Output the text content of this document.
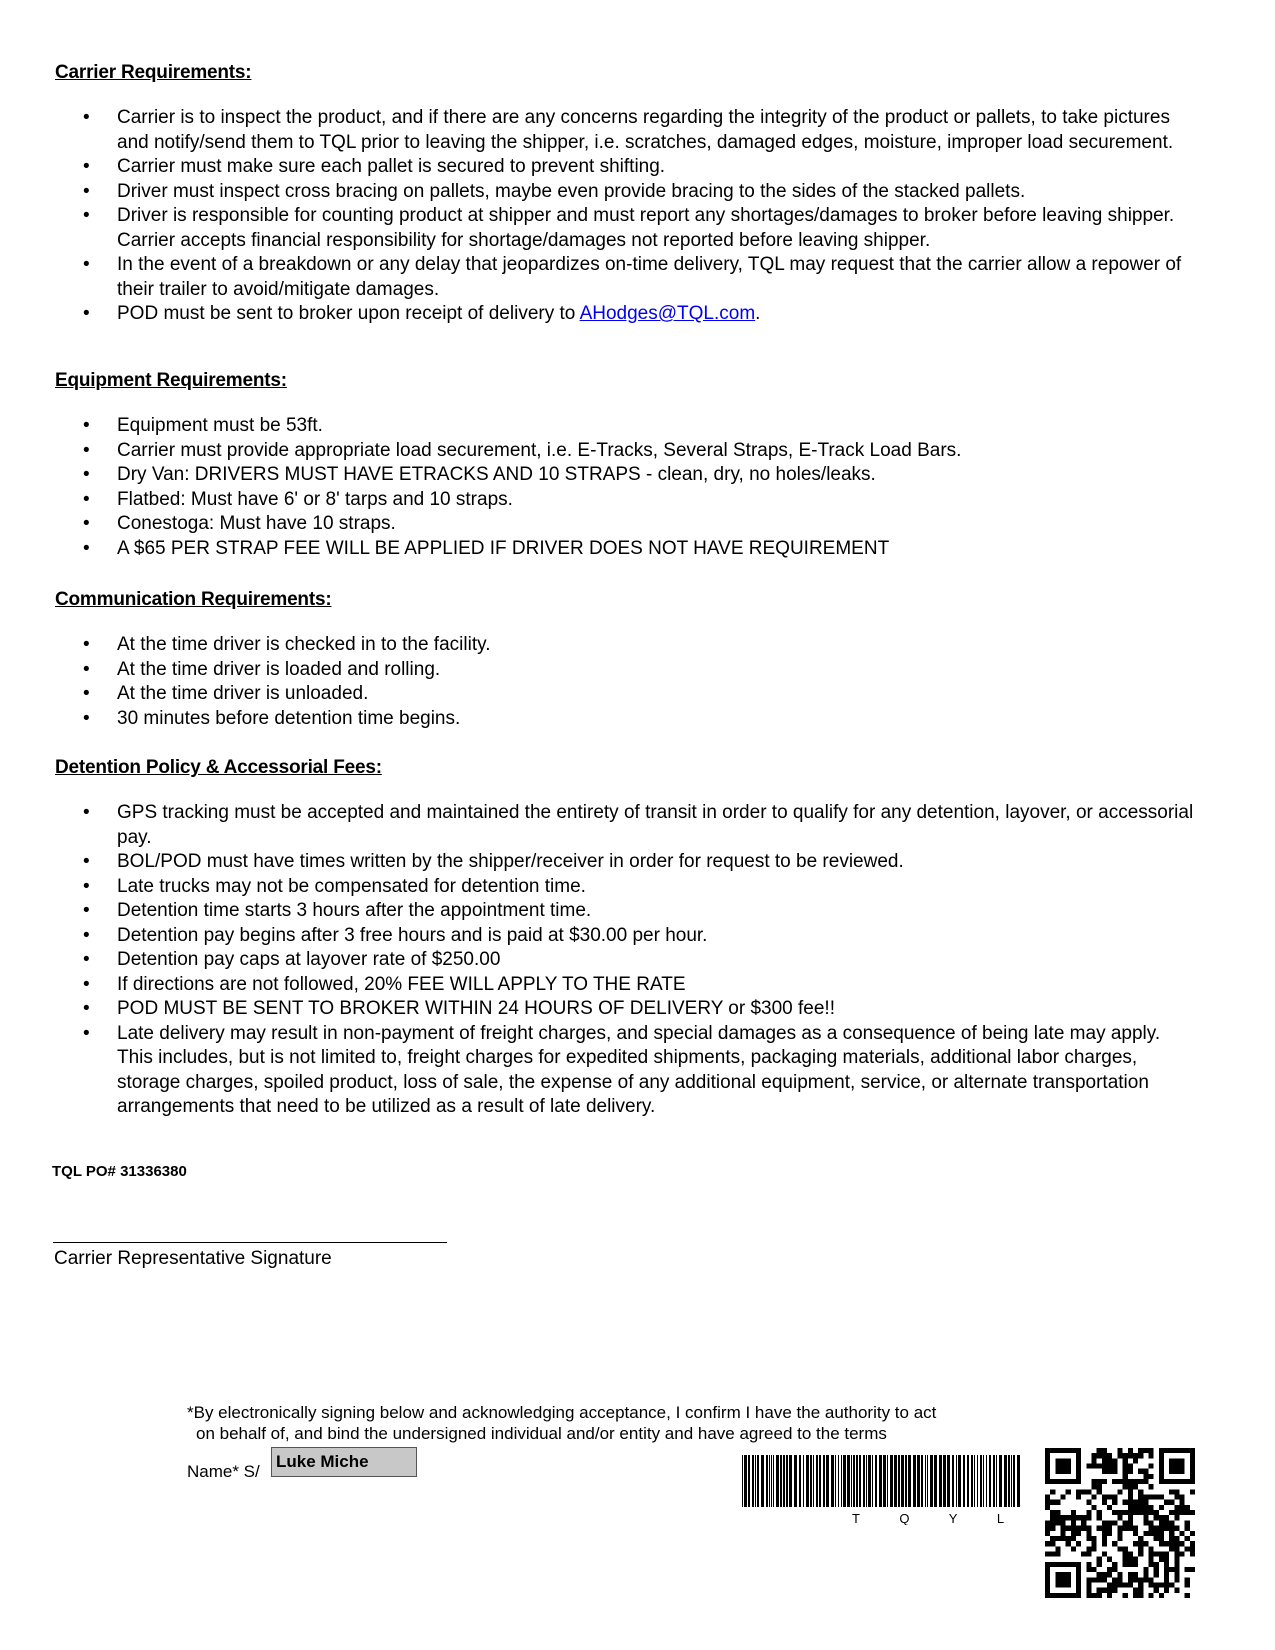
Carrier Requirements:
• Carrier is to inspect the product, and if there are any concerns regarding the integrity of the product or pallets, to take pictures and notify/send them to TQL prior to leaving the shipper, i.e. scratches, damaged edges, moisture, improper load securement.
• Carrier must make sure each pallet is secured to prevent shifting.
• Driver must inspect cross bracing on pallets, maybe even provide bracing to the sides of the stacked pallets.
• Driver is responsible for counting product at shipper and must report any shortages/damages to broker before leaving shipper. Carrier accepts financial responsibility for shortage/damages not reported before leaving shipper.
• In the event of a breakdown or any delay that jeopardizes on-time delivery, TQL may request that the carrier allow a repower of their trailer to avoid/mitigate damages.
• POD must be sent to broker upon receipt of delivery to AHodges@TQL.com.
Equipment Requirements:
• Equipment must be 53ft.
• Carrier must provide appropriate load securement, i.e. E-Tracks, Several Straps, E-Track Load Bars.
• Dry Van: DRIVERS MUST HAVE ETRACKS AND 10 STRAPS - clean, dry, no holes/leaks.
• Flatbed: Must have 6' or 8' tarps and 10 straps.
• Conestoga: Must have 10 straps.
• A $65 PER STRAP FEE WILL BE APPLIED IF DRIVER DOES NOT HAVE REQUIREMENT
Communication Requirements:
• At the time driver is checked in to the facility.
• At the time driver is loaded and rolling.
• At the time driver is unloaded.
• 30 minutes before detention time begins.
Detention Policy & Accessorial Fees:
• GPS tracking must be accepted and maintained the entirety of transit in order to qualify for any detention, layover, or accessorial pay.
• BOL/POD must have times written by the shipper/receiver in order for request to be reviewed.
• Late trucks may not be compensated for detention time.
• Detention time starts 3 hours after the appointment time.
• Detention pay begins after 3 free hours and is paid at $30.00 per hour.
• Detention pay caps at layover rate of $250.00
• If directions are not followed, 20% FEE WILL APPLY TO THE RATE
• POD MUST BE SENT TO BROKER WITHIN 24 HOURS OF DELIVERY or $300 fee!!
• Late delivery may result in non-payment of freight charges, and special damages as a consequence of being late may apply. This includes, but is not limited to, freight charges for expedited shipments, packaging materials, additional labor charges, storage charges, spoiled product, loss of sale, the expense of any additional equipment, service, or alternate transportation arrangements that need to be utilized as a result of late delivery.

TQL PO# 31336380

Carrier Representative Signature
*By electronically signing below and acknowledging acceptance, I confirm I have the authority to act
on behalf of, and bind the undersigned individual and/or entity and have agreed to the terms
Name* S/
Luke Miche
T Q Y L
